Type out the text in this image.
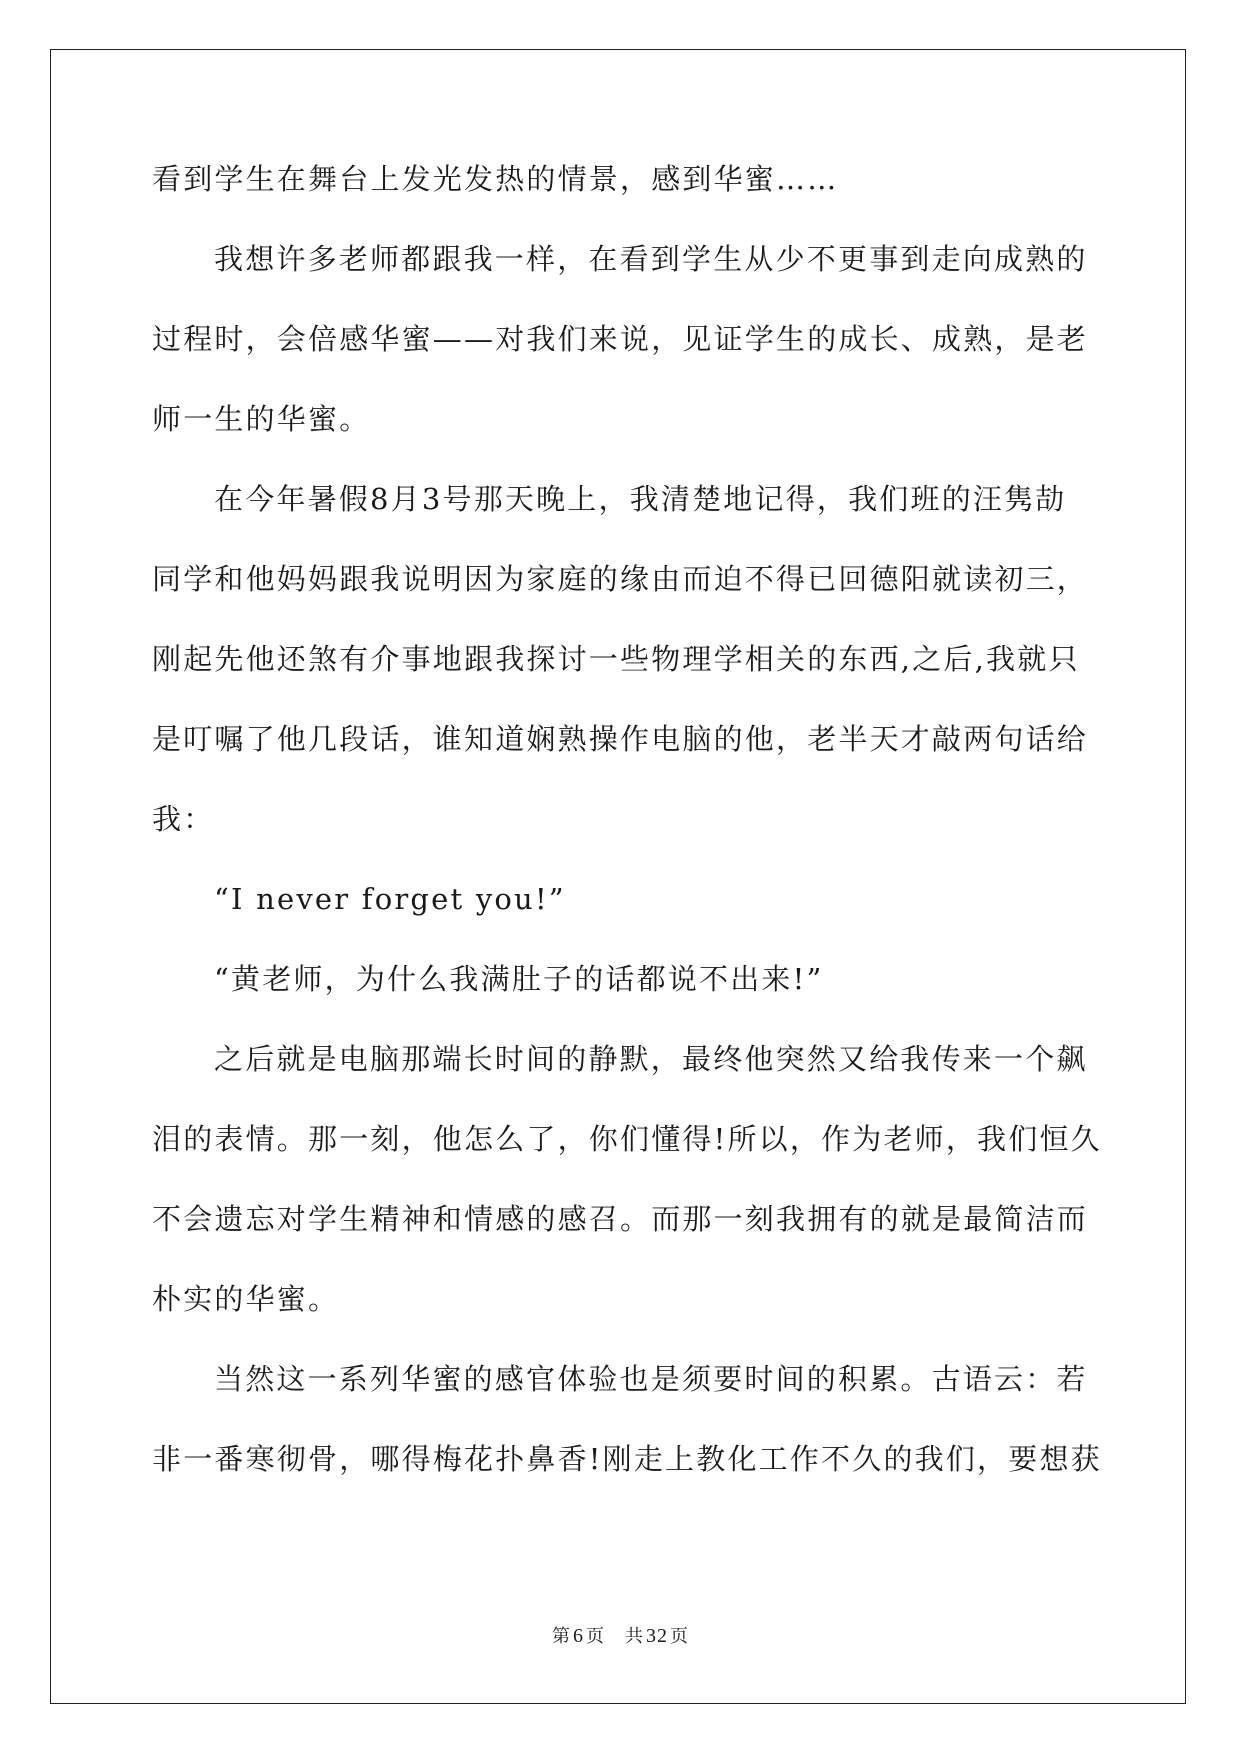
看到学生在舞台上发光发热的情景，感到华蜜……

我想许多老师都跟我一样，在看到学生从少不更事到走向成熟的

过程时，会倍感华蜜——对我们来说，见证学生的成长、成熟，是老

师一生的华蜜。

在今年暑假8月3号那天晚上，我清楚地记得，我们班的汪隽劼

同学和他妈妈跟我说明因为家庭的缘由而迫不得已回德阳就读初三，

刚起先他还煞有介事地跟我探讨一些物理学相关的东西,之后,我就只

是叮嘱了他几段话，谁知道娴熟操作电脑的他，老半天才敲两句话给

我：

“I never forget you!”

“黄老师，为什么我满肚子的话都说不出来!”

之后就是电脑那端长时间的静默，最终他突然又给我传来一个飙

泪的表情。那一刻，他怎么了，你们懂得!所以，作为老师，我们恒久

不会遗忘对学生精神和情感的感召。而那一刻我拥有的就是最简洁而

朴实的华蜜。

当然这一系列华蜜的感官体验也是须要时间的积累。古语云：若

非一番寒彻骨，哪得梅花扑鼻香!刚走上教化工作不久的我们，要想获

第 6 页 共 32 页
